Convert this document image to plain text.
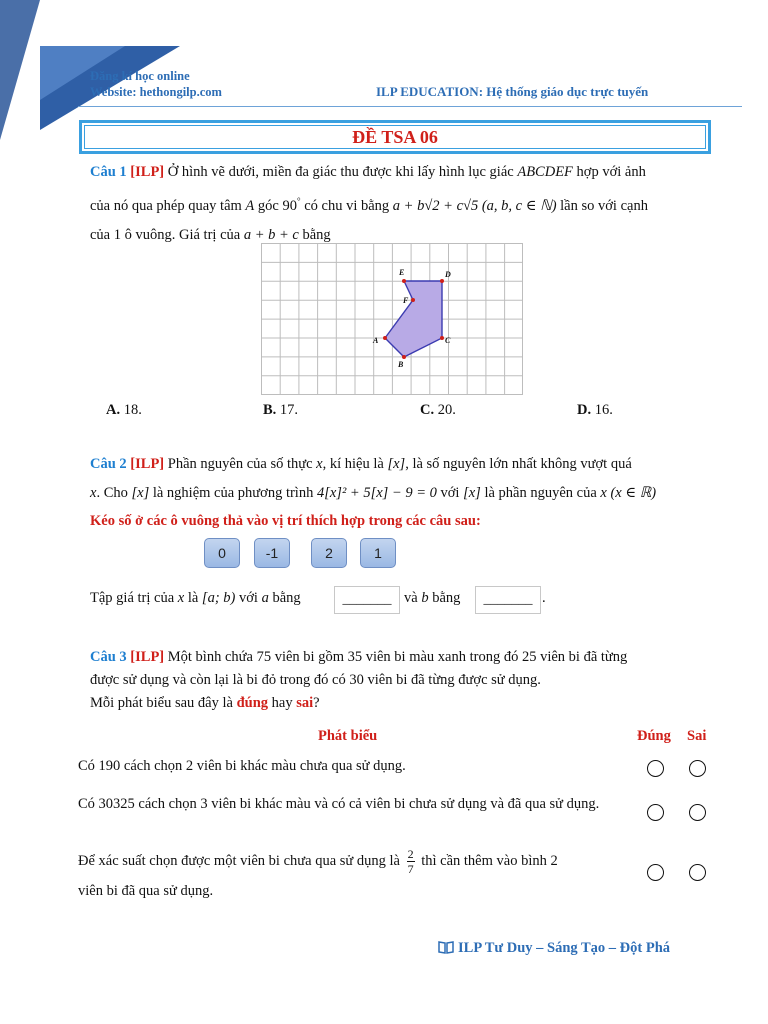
Đăng kí học online
Website: hethongilp.com	ILP EDUCATION: Hệ thống giáo dục trực tuyến
ĐỀ TSA 06
Câu 1 [ILP] Ở hình vẽ dưới, miền đa giác thu được khi lấy hình lục giác ABCDEF hợp với ảnh
của nó qua phép quay tâm A góc 90° có chu vi bằng a + b√2 + c√5 (a, b, c ∈ ℕ) lần so với cạnh
của 1 ô vuông. Giá trị của a + b + c bằng
A
B
C
D
E
F
A. 18.	B. 17.	C. 20.	D. 16.
Câu 2 [ILP] Phần nguyên của số thực x, kí hiệu là [x], là số nguyên lớn nhất không vượt quá
x. Cho [x] là nghiệm của phương trình 4[x]² + 5[x] − 9 = 0 với [x] là phần nguyên của x (x ∈ ℝ)
Kéo số ở các ô vuông thả vào vị trí thích hợp trong các câu sau:
0	-1	2	1
Tập giá trị của x là [a; b) với a bằng	_______ và b bằng	_______ .
Câu 3 [ILP] Một bình chứa 75 viên bi gồm 35 viên bi màu xanh trong đó 25 viên bi đã từng
được sử dụng và còn lại là bi đỏ trong đó có 30 viên bi đã từng được sử dụng.
Mỗi phát biểu sau đây là đúng hay sai?
Phát biểu	Đúng Sai
Có 190 cách chọn 2 viên bi khác màu chưa qua sử dụng.
Có 30325 cách chọn 3 viên bi khác màu và có cả viên bi chưa sử dụng và đã qua sử dụng.
Để xác suất chọn được một viên bi chưa qua sử dụng là $\frac{2}{7}$ thì cần thêm vào bình 2
viên bi đã qua sử dụng.
ILP Tư Duy – Sáng Tạo – Đột Phá
